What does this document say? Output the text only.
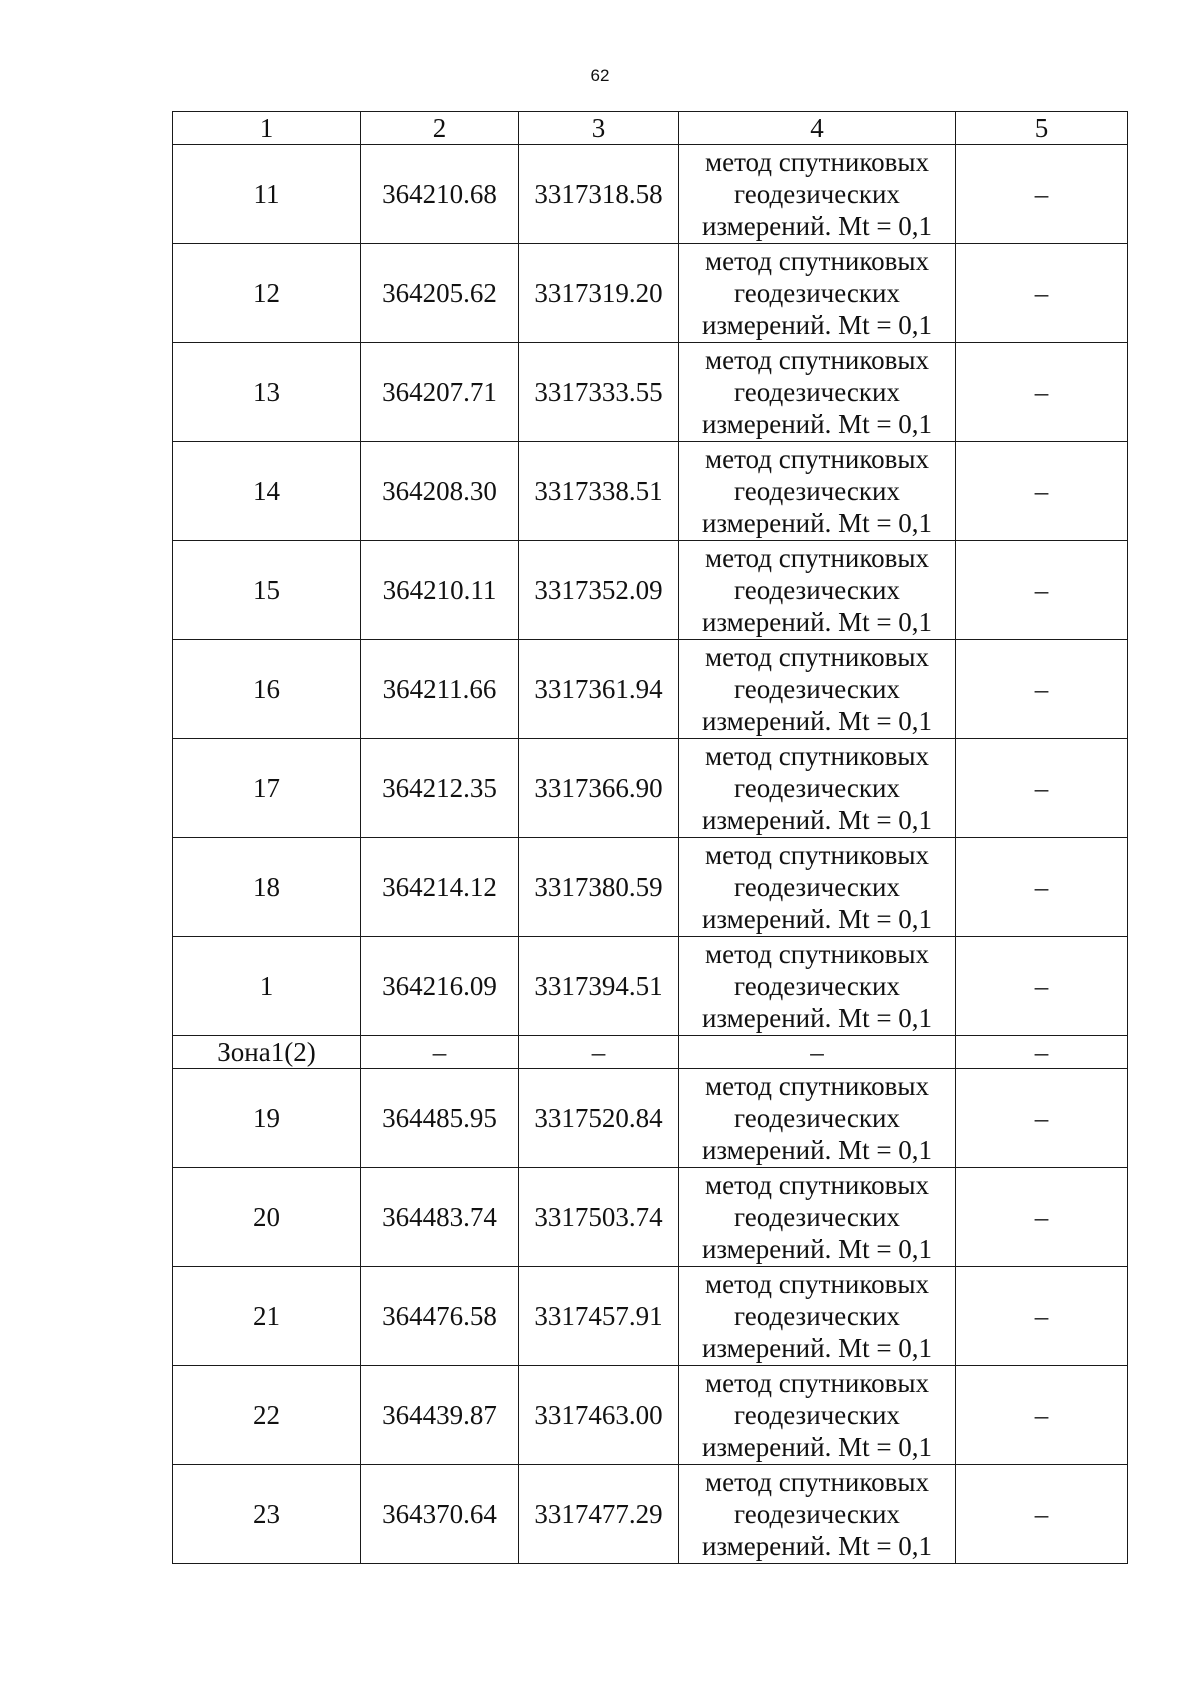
62
1	2	3	4	5
11	364210.68	3317318.58	метод спутниковых
геодезических
измерений. Mt = 0,1	–
12	364205.62	3317319.20	метод спутниковых
геодезических
измерений. Mt = 0,1	–
13	364207.71	3317333.55	метод спутниковых
геодезических
измерений. Mt = 0,1	–
14	364208.30	3317338.51	метод спутниковых
геодезических
измерений. Mt = 0,1	–
15	364210.11	3317352.09	метод спутниковых
геодезических
измерений. Mt = 0,1	–
16	364211.66	3317361.94	метод спутниковых
геодезических
измерений. Mt = 0,1	–
17	364212.35	3317366.90	метод спутниковых
геодезических
измерений. Mt = 0,1	–
18	364214.12	3317380.59	метод спутниковых
геодезических
измерений. Mt = 0,1	–
1	364216.09	3317394.51	метод спутниковых
геодезических
измерений. Mt = 0,1	–
Зона1(2)	–	–	–	–
19	364485.95	3317520.84	метод спутниковых
геодезических
измерений. Mt = 0,1	–
20	364483.74	3317503.74	метод спутниковых
геодезических
измерений. Mt = 0,1	–
21	364476.58	3317457.91	метод спутниковых
геодезических
измерений. Mt = 0,1	–
22	364439.87	3317463.00	метод спутниковых
геодезических
измерений. Mt = 0,1	–
23	364370.64	3317477.29	метод спутниковых
геодезических
измерений. Mt = 0,1	–
